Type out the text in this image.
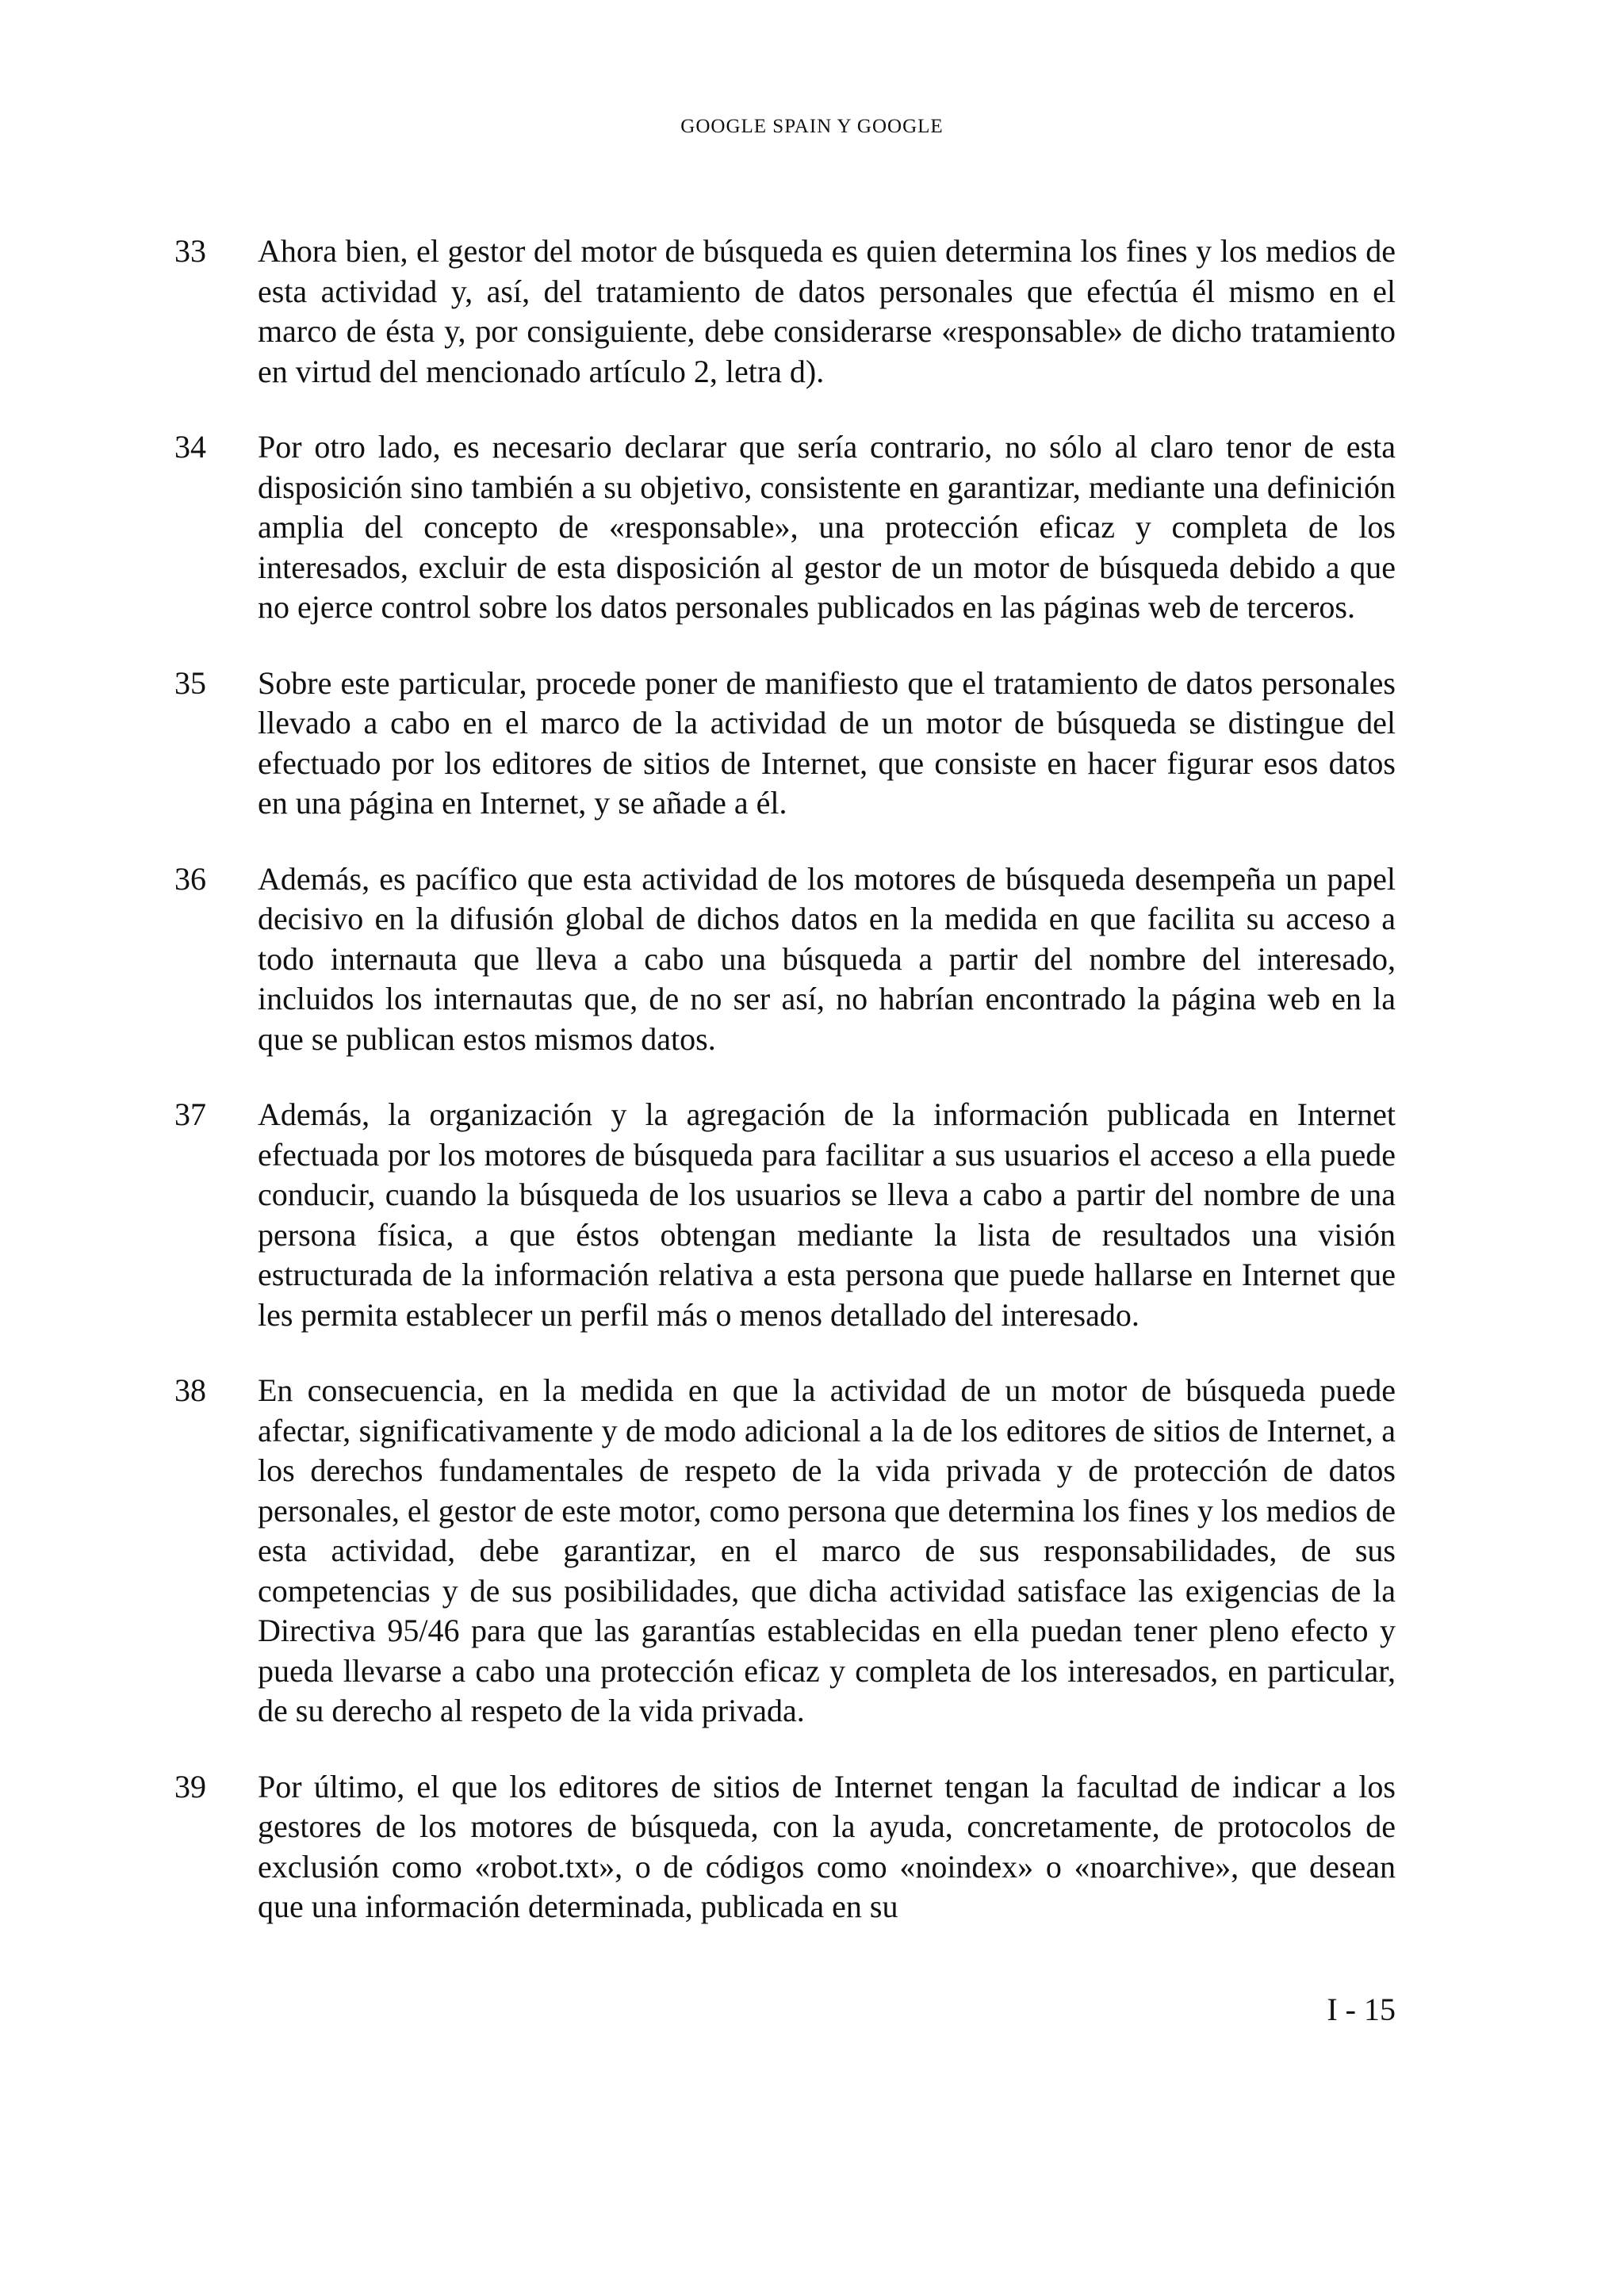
GOOGLE SPAIN Y GOOGLE
33	Ahora bien, el gestor del motor de búsqueda es quien determina los fines y los medios de esta actividad y, así, del tratamiento de datos personales que efectúa él mismo en el marco de ésta y, por consiguiente, debe considerarse «responsable» de dicho tratamiento en virtud del mencionado artículo 2, letra d).
34	Por otro lado, es necesario declarar que sería contrario, no sólo al claro tenor de esta disposición sino también a su objetivo, consistente en garantizar, mediante una definición amplia del concepto de «responsable», una protección eficaz y completa de los interesados, excluir de esta disposición al gestor de un motor de búsqueda debido a que no ejerce control sobre los datos personales publicados en las páginas web de terceros.
35	Sobre este particular, procede poner de manifiesto que el tratamiento de datos personales llevado a cabo en el marco de la actividad de un motor de búsqueda se distingue del efectuado por los editores de sitios de Internet, que consiste en hacer figurar esos datos en una página en Internet, y se añade a él.
36	Además, es pacífico que esta actividad de los motores de búsqueda desempeña un papel decisivo en la difusión global de dichos datos en la medida en que facilita su acceso a todo internauta que lleva a cabo una búsqueda a partir del nombre del interesado, incluidos los internautas que, de no ser así, no habrían encontrado la página web en la que se publican estos mismos datos.
37	Además, la organización y la agregación de la información publicada en Internet efectuada por los motores de búsqueda para facilitar a sus usuarios el acceso a ella puede conducir, cuando la búsqueda de los usuarios se lleva a cabo a partir del nombre de una persona física, a que éstos obtengan mediante la lista de resultados una visión estructurada de la información relativa a esta persona que puede hallarse en Internet que les permita establecer un perfil más o menos detallado del interesado.
38	En consecuencia, en la medida en que la actividad de un motor de búsqueda puede afectar, significativamente y de modo adicional a la de los editores de sitios de Internet, a los derechos fundamentales de respeto de la vida privada y de protección de datos personales, el gestor de este motor, como persona que determina los fines y los medios de esta actividad, debe garantizar, en el marco de sus responsabilidades, de sus competencias y de sus posibilidades, que dicha actividad satisface las exigencias de la Directiva 95/46 para que las garantías establecidas en ella puedan tener pleno efecto y pueda llevarse a cabo una protección eficaz y completa de los interesados, en particular, de su derecho al respeto de la vida privada.
39	Por último, el que los editores de sitios de Internet tengan la facultad de indicar a los gestores de los motores de búsqueda, con la ayuda, concretamente, de protocolos de exclusión como «robot.txt», o de códigos como «noindex» o «noarchive», que desean que una información determinada, publicada en su
I - 15
